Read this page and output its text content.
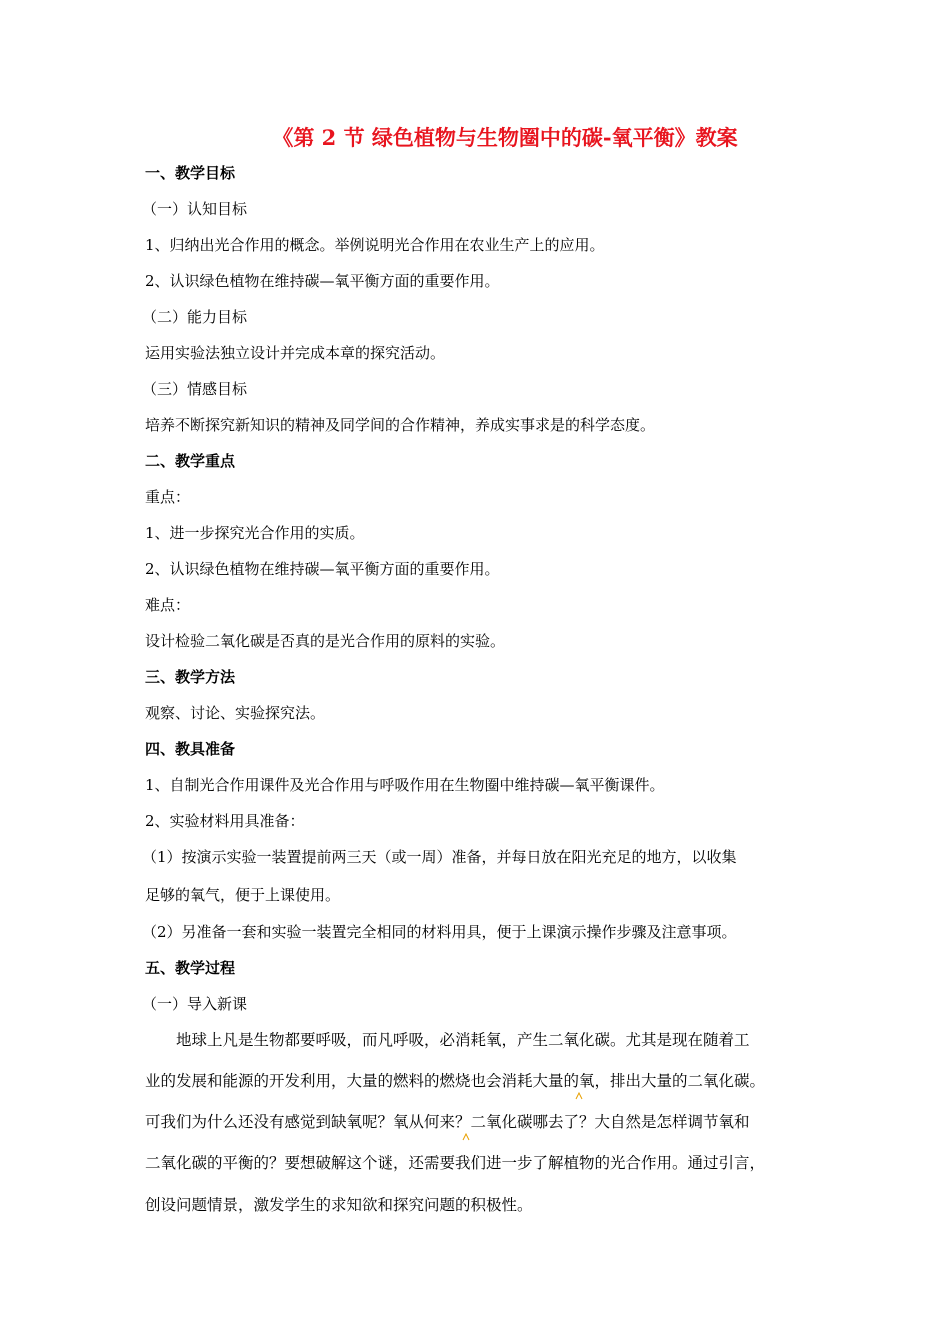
《第 2 节 绿色植物与生物圈中的碳-氧平衡》教案
一、教学目标
（一）认知目标
1、归纳出光合作用的概念。举例说明光合作用在农业生产上的应用。
2、认识绿色植物在维持碳—氧平衡方面的重要作用。
（二）能力目标
运用实验法独立设计并完成本章的探究活动。
（三）情感目标
培养不断探究新知识的精神及同学间的合作精神，养成实事求是的科学态度。
二、教学重点
重点：
1、进一步探究光合作用的实质。
2、认识绿色植物在维持碳—氧平衡方面的重要作用。
难点：
设计检验二氧化碳是否真的是光合作用的原料的实验。
三、教学方法
观察、讨论、实验探究法。
四、教具准备
1、自制光合作用课件及光合作用与呼吸作用在生物圈中维持碳—氧平衡课件。
2、实验材料用具准备：
（1）按演示实验一装置提前两三天（或一周）准备，并每日放在阳光充足的地方，以收集
足够的氧气，便于上课使用。
（2）另准备一套和实验一装置完全相同的材料用具，便于上课演示操作步骤及注意事项。
五、教学过程
（一）导入新课
　　地球上凡是生物都要呼吸，而凡呼吸，必消耗氧，产生二氧化碳。尤其是现在随着工
业的发展和能源的开发利用，大量的燃料的燃烧也会消耗大量的氧，排出大量的二氧化碳。
可我们为什么还没有感觉到缺氧呢？氧从何来？二氧化碳哪去了？大自然是怎样调节氧和
二氧化碳的平衡的？要想破解这个谜，还需要我们进一步了解植物的光合作用。通过引言，
创设问题情景，激发学生的求知欲和探究问题的积极性。
